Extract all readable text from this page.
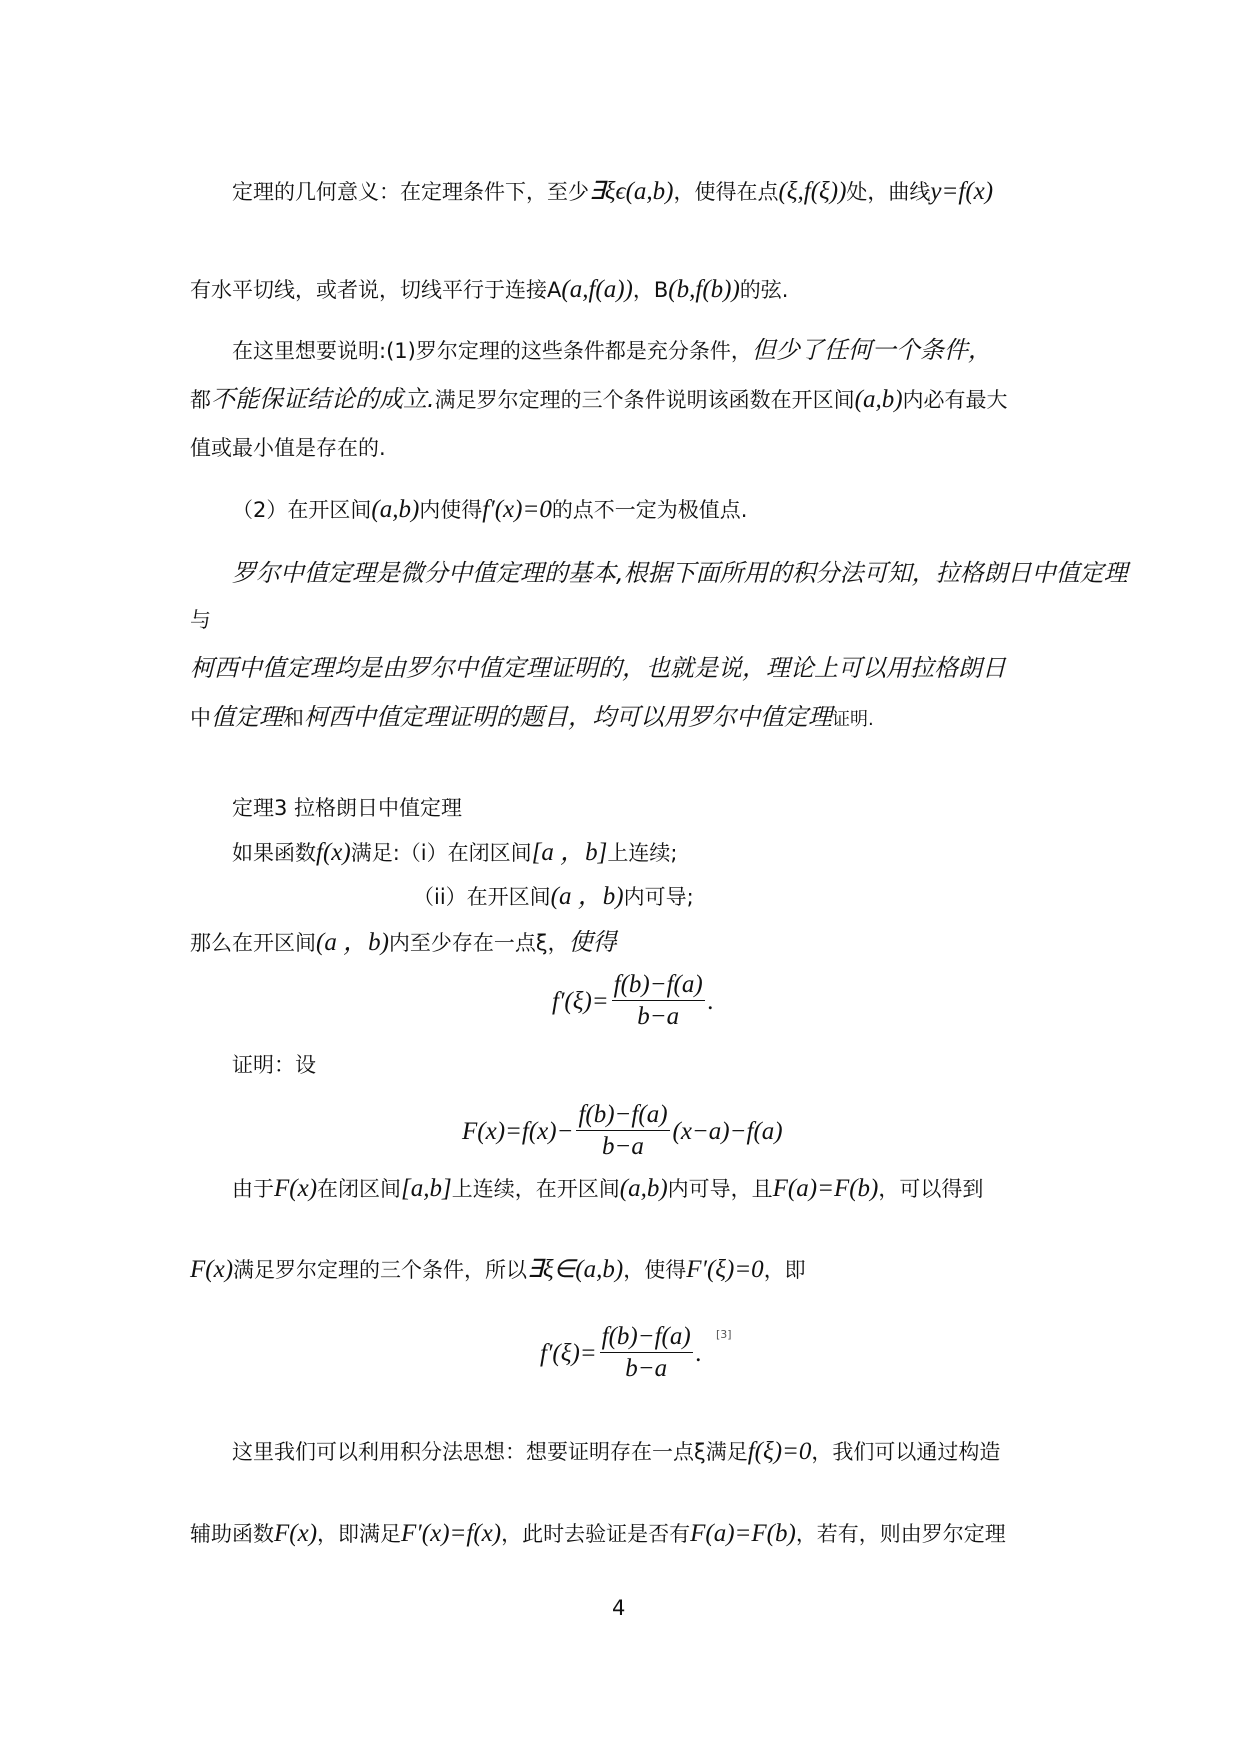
定理的几何意义：在定理条件下，至少∃ξϵ(a,b)，使得在点(ξ,f(ξ))处，曲线y=f(x)
有水平切线，或者说，切线平行于连接A(a,f(a))，B(b,f(b))的弦.
在这里想要说明:(1)罗尔定理的这些条件都是充分条件，但少了任何一个条件，
都不能保证结论的成立.满足罗尔定理的三个条件说明该函数在开区间(a,b)内必有最大
值或最小值是存在的.
（2）在开区间(a,b)内使得f′(x)=0的点不一定为极值点.
罗尔中值定理是微分中值定理的基本,根据下面所用的积分法可知，拉格朗日中值定理
与
柯西中值定理均是由罗尔中值定理证明的，也就是说，理论上可以用拉格朗日
中值定理和柯西中值定理证明的题目，均可以用罗尔中值定理证明.
定理3 拉格朗日中值定理
如果函数f(x)满足:（i）在闭区间[a ，b]上连续;
（ii）在开区间(a ，b)内可导;
那么在开区间(a ，b)内至少存在一点ξ，使得
$f'(\xi)= \frac{f(b)-f(a)}{b-a}$ .
证明：设
$F(x)=f(x)- \frac{f(b)-f(a)}{b-a} (x-a)-f(a)$
由于F(x)在闭区间[a,b]上连续，在开区间(a,b)内可导，且F(a)=F(b)，可以得到
F(x)满足罗尔定理的三个条件，所以∃ξ∈(a,b)，使得F′(ξ)=0，即
$f'(\xi)= \frac{f(b)-f(a)}{b-a}$ .
[3]
这里我们可以利用积分法思想：想要证明存在一点ξ满足f(ξ)=0，我们可以通过构造
辅助函数F(x)，即满足F′(x)=f(x)，此时去验证是否有F(a)=F(b)，若有，则由罗尔定理
4
